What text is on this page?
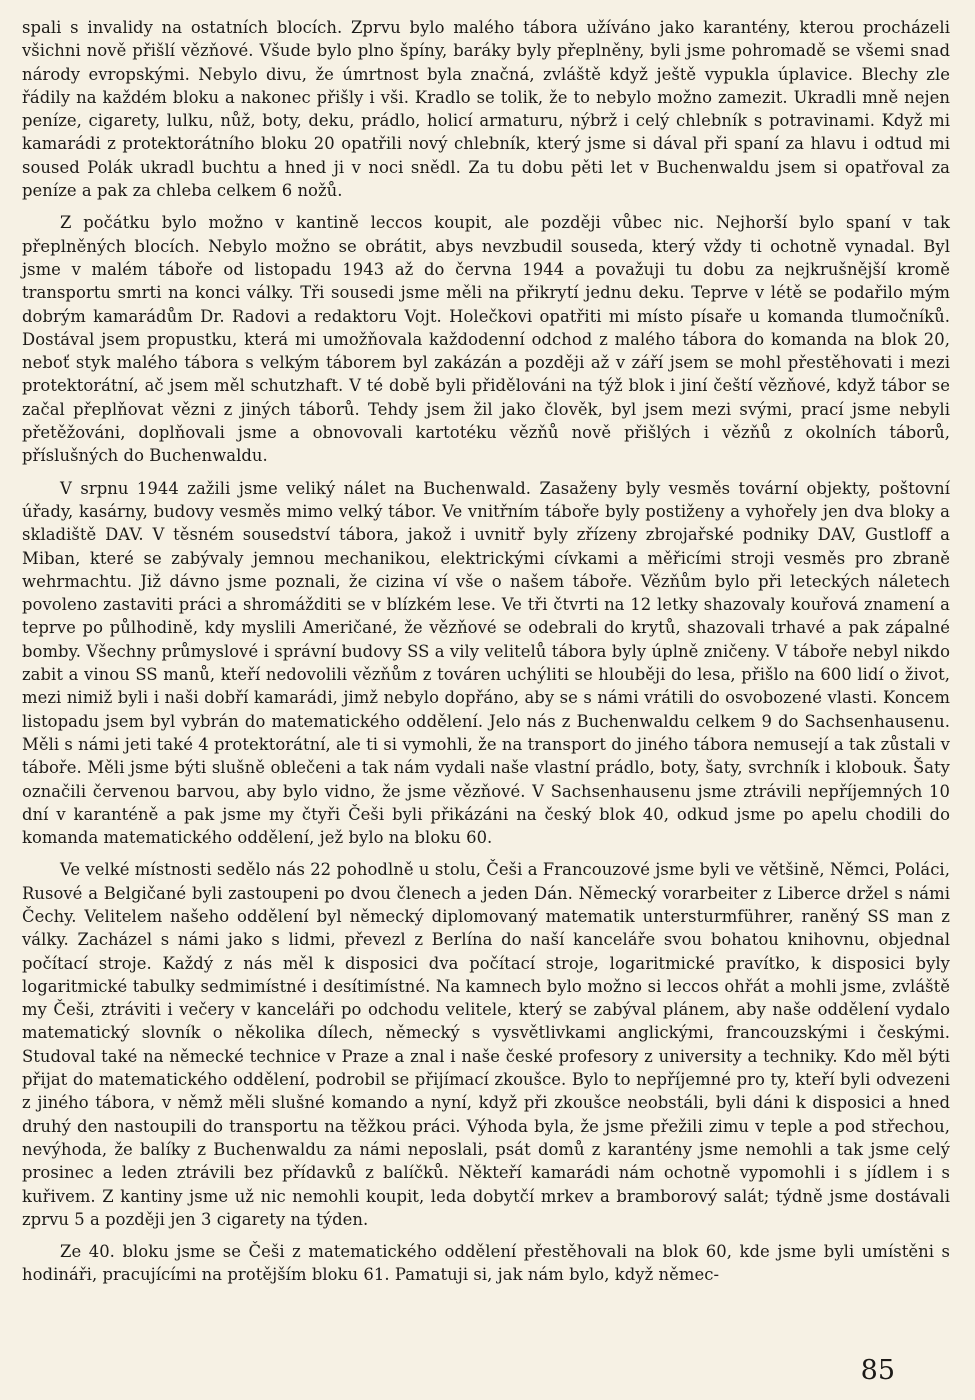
spali s invalidy na ostatních blocích. Zprvu bylo malého tábora užíváno jako karantény, kterou procházeli všichni nově přišlí vězňové. Všude bylo plno špíny, baráky byly přeplněny, byli jsme pohromadě se všemi snad národy evropskými. Nebylo divu, že úmrtnost byla značná, zvláště když ještě vypukla úplavice. Blechy zle řádily na každém bloku a nakonec přišly i vši. Kradlo se tolik, že to nebylo možno zamezit. Ukradli mně nejen peníze, cigarety, lulku, nůž, boty, deku, prádlo, holicí armaturu, nýbrž i celý chlebník s potravinami. Když mi kamarádi z protektorátního bloku 20 opatřili nový chlebník, který jsme si dával při spaní za hlavu i odtud mi soused Polák ukradl buchtu a hned ji v noci snědl. Za tu dobu pěti let v Buchenwaldu jsem si opatřoval za peníze a pak za chleba celkem 6 nožů.

Z počátku bylo možno v kantině leccos koupit, ale později vůbec nic. Nejhorší bylo spaní v tak přeplněných blocích. Nebylo možno se obrátit, abys nevzbudil souseda, který vždy ti ochotně vynadal. Byl jsme v malém táboře od listopadu 1943 až do června 1944 a považuji tu dobu za nejkrušnější kromě transportu smrti na konci války. Tři sousedi jsme měli na přikrytí jednu deku. Teprve v létě se podařilo mým dobrým kamarádům Dr. Radovi a redaktoru Vojt. Holečkovi opatřiti mi místo písaře u komanda tlumočníků. Dostával jsem propustku, která mi umožňovala každodenní odchod z malého tábora do komanda na blok 20, neboť styk malého tábora s velkým táborem byl zakázán a později až v září jsem se mohl přestěhovati i mezi protektorátní, ač jsem měl schutzhaft. V té době byli přidělováni na týž blok i jiní čeští vězňové, když tábor se začal přeplňovat vězni z jiných táborů. Tehdy jsem žil jako člověk, byl jsem mezi svými, prací jsme nebyli přetěžováni, doplňovali jsme a obnovovali kartotéku vězňů nově přišlých i vězňů z okolních táborů, příslušných do Buchenwaldu.

V srpnu 1944 zažili jsme veliký nálet na Buchenwald. Zasaženy byly vesměs tovární objekty, poštovní úřady, kasárny, budovy vesměs mimo velký tábor. Ve vnitřním táboře byly postiženy a vyhořely jen dva bloky a skladiště DAV. V těsném sousedství tábora, jakož i uvnitř byly zřízeny zbrojařské podniky DAV, Gustloff a Miban, které se zabývaly jemnou mechanikou, elektrickými cívkami a měřicími stroji vesměs pro zbraně wehrmachtu. Již dávno jsme poznali, že cizina ví vše o našem táboře. Vězňům bylo při leteckých náletech povoleno zastaviti práci a shromážditi se v blízkém lese. Ve tři čtvrti na 12 letky shazovaly kouřová znamení a teprve po půlhodině, kdy myslili Američané, že vězňové se odebrali do krytů, shazovali trhavé a pak zápalné bomby. Všechny průmyslové i správní budovy SS a vily velitelů tábora byly úplně zničeny. V táboře nebyl nikdo zabit a vinou SS manů, kteří nedovolili vězňům z továren uchýliti se hlouběji do lesa, přišlo na 600 lidí o život, mezi nimiž byli i naši dobří kamarádi, jimž nebylo dopřáno, aby se s námi vrátili do osvobozené vlasti. Koncem listopadu jsem byl vybrán do matematického oddělení. Jelo nás z Buchenwaldu celkem 9 do Sachsenhausenu. Měli s námi jeti také 4 protektorátní, ale ti si vymohli, že na transport do jiného tábora nemusejí a tak zůstali v táboře. Měli jsme býti slušně oblečeni a tak nám vydali naše vlastní prádlo, boty, šaty, svrchník i klobouk. Šaty označili červenou barvou, aby bylo vidno, že jsme vězňové. V Sachsenhausenu jsme ztrávili nepříjemných 10 dní v karanténě a pak jsme my čtyři Češi byli přikázáni na český blok 40, odkud jsme po apelu chodili do komanda matematického oddělení, jež bylo na bloku 60.

Ve velké místnosti sedělo nás 22 pohodlně u stolu, Češi a Francouzové jsme byli ve většině, Němci, Poláci, Rusové a Belgičané byli zastoupeni po dvou členech a jeden Dán. Německý vorarbeiter z Liberce držel s námi Čechy. Velitelem našeho oddělení byl německý diplomovaný matematik untersturmführer, raněný SS man z války. Zacházel s námi jako s lidmi, převezl z Berlína do naší kanceláře svou bohatou knihovnu, objednal počítací stroje. Každý z nás měl k disposici dva počítací stroje, logaritmické pravítko, k disposici byly logaritmické tabulky sedmimístné i desítimístné. Na kamnech bylo možno si leccos ohřát a mohli jsme, zvláště my Češi, ztráviti i večery v kanceláři po odchodu velitele, který se zabýval plánem, aby naše oddělení vydalo matematický slovník o několika dílech, německý s vysvětlivkami anglickými, francouzskými i českými. Studoval také na německé technice v Praze a znal i naše české profesory z university a techniky. Kdo měl býti přijat do matematického oddělení, podrobil se přijímací zkoušce. Bylo to nepříjemné pro ty, kteří byli odvezeni z jiného tábora, v němž měli slušné komando a nyní, když při zkoušce neobstáli, byli dáni k disposici a hned druhý den nastoupili do transportu na těžkou práci. Výhoda byla, že jsme přežili zimu v teple a pod střechou, nevýhoda, že balíky z Buchenwaldu za námi neposlali, psát domů z karantény jsme nemohli a tak jsme celý prosinec a leden ztrávili bez přídavků z balíčků. Někteří kamarádi nám ochotně vypomohli i s jídlem i s kuřivem. Z kantiny jsme už nic nemohli koupit, leda dobytčí mrkev a bramborový salát; týdně jsme dostávali zprvu 5 a později jen 3 cigarety na týden.

Ze 40. bloku jsme se Češi z matematického oddělení přestěhovali na blok 60, kde jsme byli umístěni s hodináři, pracujícími na protějším bloku 61. Pamatuji si, jak nám bylo, když němec-

85
